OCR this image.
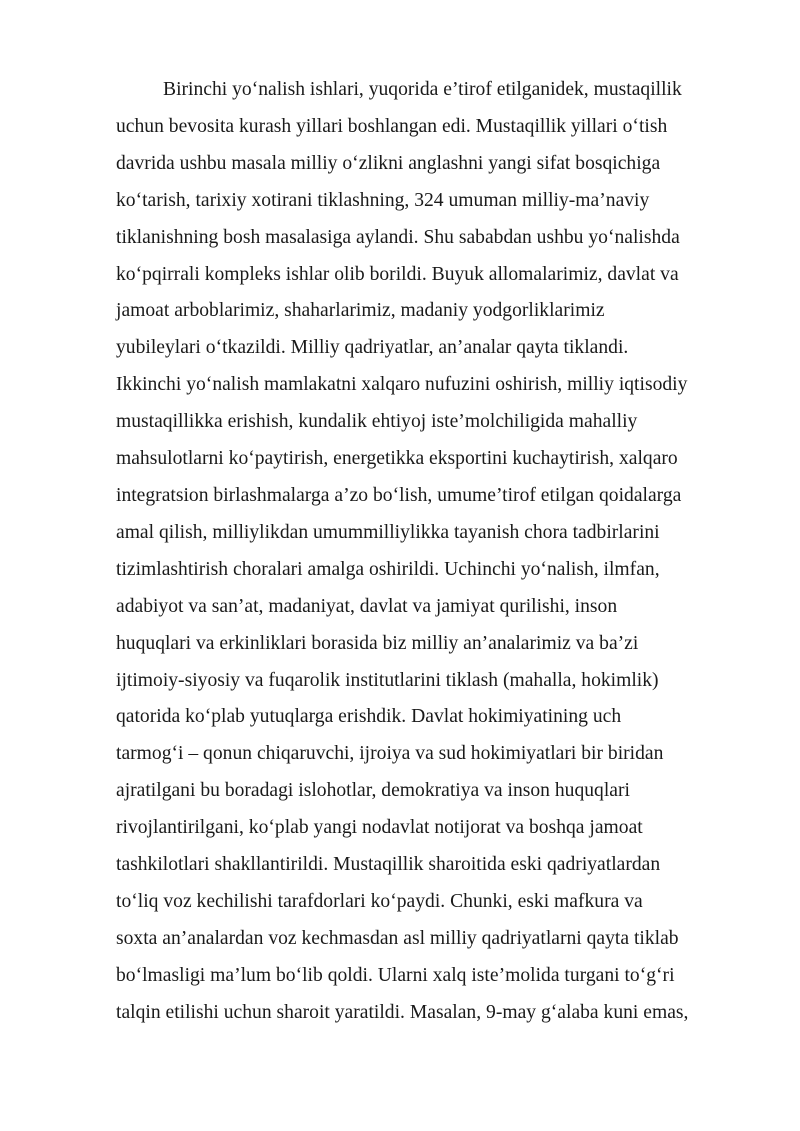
Birinchi yo‘nalish ishlari, yuqorida e’tirof etilganidek, mustaqillik
uchun bevosita kurash yillari boshlangan edi. Mustaqillik yillari o‘tish
davrida ushbu masala milliy o‘zlikni anglashni yangi sifat bosqichiga
ko‘tarish, tarixiy xotirani tiklashning, 324 umuman milliy-ma’naviy
tiklanishning bosh masalasiga aylandi. Shu sababdan ushbu yo‘nalishda
ko‘pqirrali kompleks ishlar olib borildi. Buyuk allomalarimiz, davlat va
jamoat arboblarimiz, shaharlarimiz, madaniy yodgorliklarimiz
yubileylari o‘tkazildi. Milliy qadriyatlar, an’analar qayta tiklandi.
Ikkinchi yo‘nalish mamlakatni xalqaro nufuzini oshirish, milliy iqtisodiy
mustaqillikka erishish, kundalik ehtiyoj iste’molchiligida mahalliy
mahsulotlarni ko‘paytirish, energetikka eksportini kuchaytirish, xalqaro
integratsion birlashmalarga a’zo bo‘lish, umume’tirof etilgan qoidalarga
amal qilish, milliylikdan umummilliylikka tayanish chora tadbirlarini
tizimlashtirish choralari amalga oshirildi. Uchinchi yo‘nalish, ilmfan,
adabiyot va san’at, madaniyat, davlat va jamiyat qurilishi, inson
huquqlari va erkinliklari borasida biz milliy an’analarimiz va ba’zi
ijtimoiy-siyosiy va fuqarolik institutlarini tiklash (mahalla, hokimlik)
qatorida ko‘plab yutuqlarga erishdik. Davlat hokimiyatining uch
tarmog‘i – qonun chiqaruvchi, ijroiya va sud hokimiyatlari bir biridan
ajratilgani bu boradagi islohotlar, demokratiya va inson huquqlari
rivojlantirilgani, ko‘plab yangi nodavlat notijorat va boshqa jamoat
tashkilotlari shakllantirildi. Mustaqillik sharoitida eski qadriyatlardan
to‘liq voz kechilishi tarafdorlari ko‘paydi. Chunki, eski mafkura va
soxta an’analardan voz kechmasdan asl milliy qadriyatlarni qayta tiklab
bo‘lmasligi ma’lum bo‘lib qoldi. Ularni xalq iste’molida turgani to‘g‘ri
talqin etilishi uchun sharoit yaratildi. Masalan, 9-may g‘alaba kuni emas,
